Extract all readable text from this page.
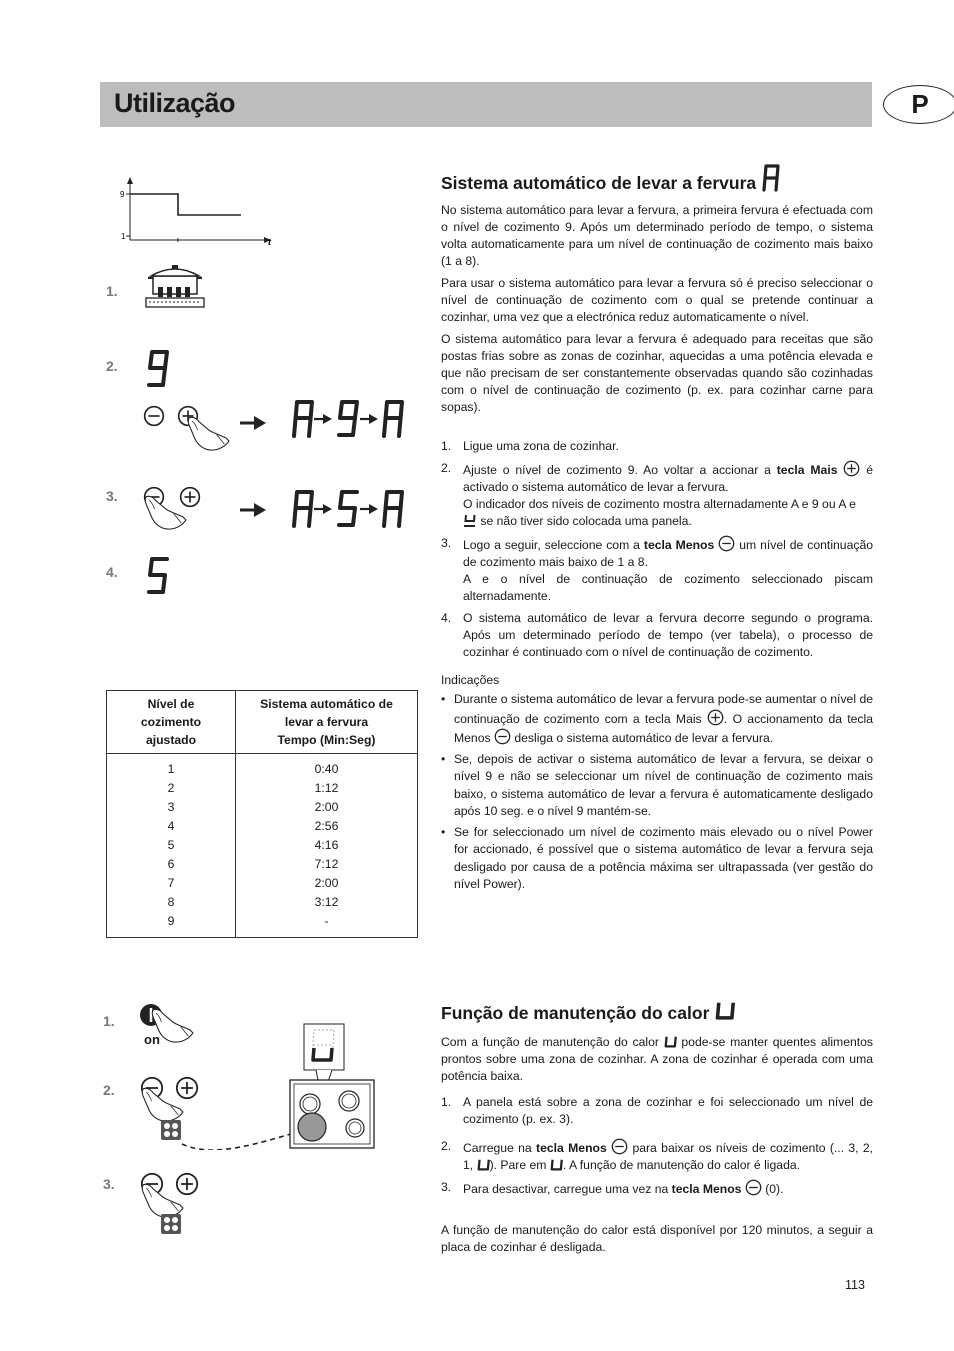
Utilização	P
9
1
t
1.
2.
3.
4.
Nível de
cozimento
ajustado	Sistema automático de
levar a fervura
Tempo (Min:Seg)

1	0:40
2	1:12
3	2:00
4	2:56
5	4:16
6	7:12
7	2:00
8	3:12
9	-
Sistema automático de levar a fervura

No sistema automático para levar a fervura, a primeira fervura é efectuada com o nível de cozimento 9. Após um determinado período de tempo, o sistema volta automaticamente para um nível de continuação de cozimento mais baixo (1 a 8).

Para usar o sistema automático para levar a fervura só é preciso seleccionar o nível de continuação de cozimento com o qual se pretende continuar a cozinhar, uma vez que a electrónica reduz automaticamente o nível.

O sistema automático para levar a fervura é adequado para receitas que são postas frias sobre as zonas de cozinhar, aquecidas a uma potência elevada e que não precisam de ser constantemente observadas quando são cozinhadas com o nível de continuação de cozimento (p. ex. para cozinhar carne para sopas).

1. Ligue uma zona de cozinhar.
2. Ajuste o nível de cozimento 9. Ao voltar a accionar a tecla Mais  é activado o sistema automático de levar a fervura.
O indicador dos níveis de cozimento mostra alternadamente A e 9 ou A e
se não tiver sido colocada uma panela.
3. Logo a seguir, seleccione com a tecla Menos  um nível de continuação de cozimento mais baixo de 1 a 8.
A e o nível de continuação de cozimento seleccionado piscam alternadamente.
4. O sistema automático de levar a fervura decorre segundo o programa. Após um determinado período de tempo (ver tabela), o processo de cozinhar é continuado com o nível de continuação de cozimento.

Indicações

• Durante o sistema automático de levar a fervura pode-se aumentar o nível de continuação de cozimento com a tecla Mais . O accionamento da tecla Menos desliga o sistema automático de levar a fervura.
• Se, depois de activar o sistema automático de levar a fervura, se deixar o nível 9 e não se seleccionar um nível de continuação de cozimento mais baixo, o sistema automático de levar a fervura é automaticamente desligado após 10 seg. e o nível 9 mantém-se.
• Se for seleccionado um nível de cozimento mais elevado ou o nível Power for accionado, é possível que o sistema automático de levar a fervura seja desligado por causa de a potência máxima ser ultrapassada (ver gestão do nível Power).
1.
2.
3.
on
Função de manutenção do calor

Com a função de manutenção do calor pode-se manter quentes alimentos prontos sobre uma zona de cozinhar. A zona de cozinhar é operada com uma potência baixa.

1. A panela está sobre a zona de cozinhar e foi seleccionado um nível de cozimento (p. ex. 3).
2. Carregue na tecla Menos  para baixar os níveis de cozimento (... 3, 2, 1, ). Pare em . A função de manutenção do calor é ligada.
3. Para desactivar, carregue uma vez na tecla Menos  (0).

A função de manutenção do calor está disponível por 120 minutos, a seguir a placa de cozinhar é desligada.

113
